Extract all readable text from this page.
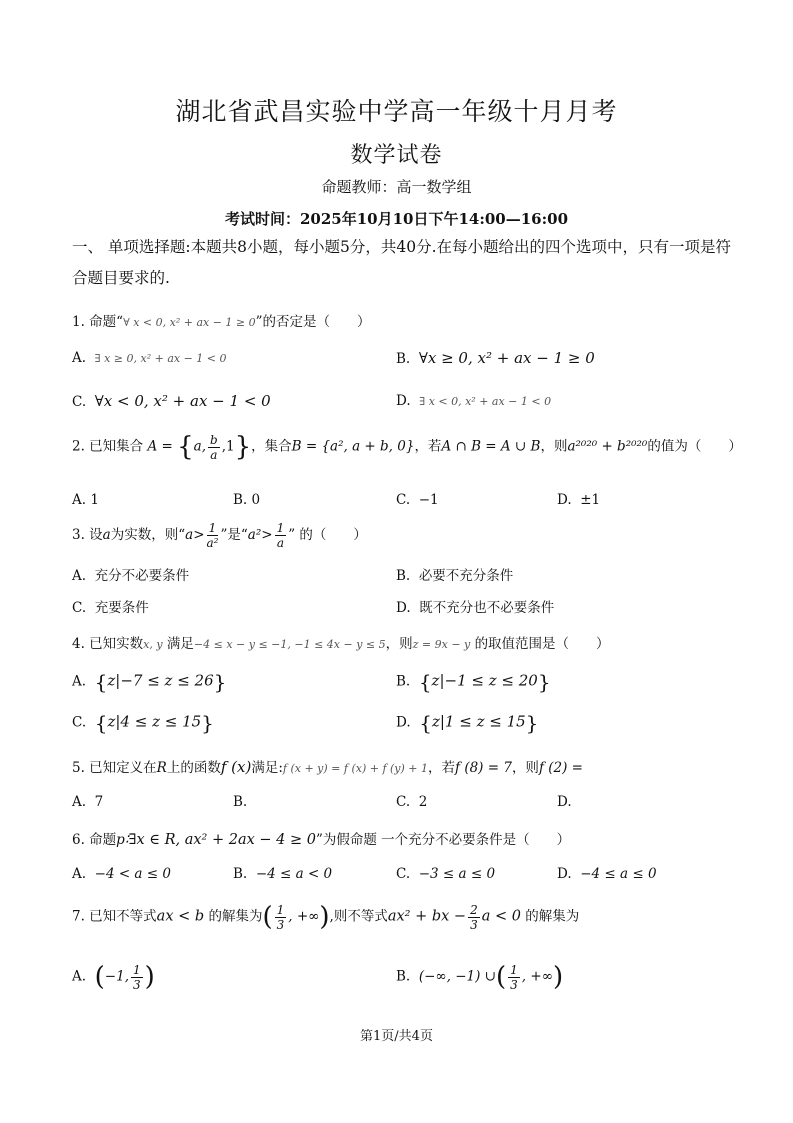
湖北省武昌实验中学高一年级十月月考
数学试卷
命题教师：高一数学组
考试时间：2025年10月10日下午14:00—16:00
一、 单项选择题:本题共8小题，每小题5分，共40分.在每小题给出的四个选项中，只有一项是符合题目要求的.
1. 命题“∀ x < 0, x² + ax − 1 ≥ 0”的否定是（　　）
A. ∃ x ≥ 0, x² + ax − 1 < 0	B. ∀x ≥ 0, x² + ax − 1 ≥ 0
C. ∀x < 0, x² + ax − 1 < 0	D. ∃ x < 0, x² + ax − 1 < 0
2. 已知集合 A = {a, $\frac{b}{a} ,1$}，集合B = {a², a + b, 0}，若A ∩ B = A ∪ B，则a²⁰²⁰ + b²⁰²⁰的值为（　　）
A. 1	B. 0	C. −1	D. ±1
3. 设a为实数，则“$a> \frac{1}{\text{a²}}$ ”是“$a^2> \frac{1}{a}$ ” 的（　　）
A. 充分不必要条件	B. 必要不充分条件
C. 充要条件	D. 既不充分也不必要条件
4. 已知实数x, y 满足−4 ≤ x − y ≤ −1, −1 ≤ 4x − y ≤ 5，则z = 9x − y 的取值范围是（　　）
A. {z|−7 ≤ z ≤ 26}	B. {z|−1 ≤ z ≤ 20}
C. {z|4 ≤ z ≤ 15}	D. {z|1 ≤ z ≤ 15}
5. 已知定义在R上的函数f (x)满足:f (x + y) = f (x) + f (y) + 1，若f (8) = 7，则f (2) =
A. 7	B.	C. 2	D.
6. 命题p∶∃x ∈ R, ax² + 2ax − 4 ≥ 0”为假命题 一个充分不必要条件是（　　）
A. −4 < a ≤ 0	B. −4 ≤ a < 0	C. −3 ≤ a ≤ 0	D. −4 ≤ a ≤ 0
7. 已知不等式ax < b 的解集为( $\frac{1}{3}$ , +∞),则不等式ax² + bx − $\frac{2}{3}$ a < 0 的解集为
A. (−1, $\frac{1}{3}$ )	B. (−∞, −1) ∪( $\frac{1}{3}$ , +∞)
第1页/共4页
